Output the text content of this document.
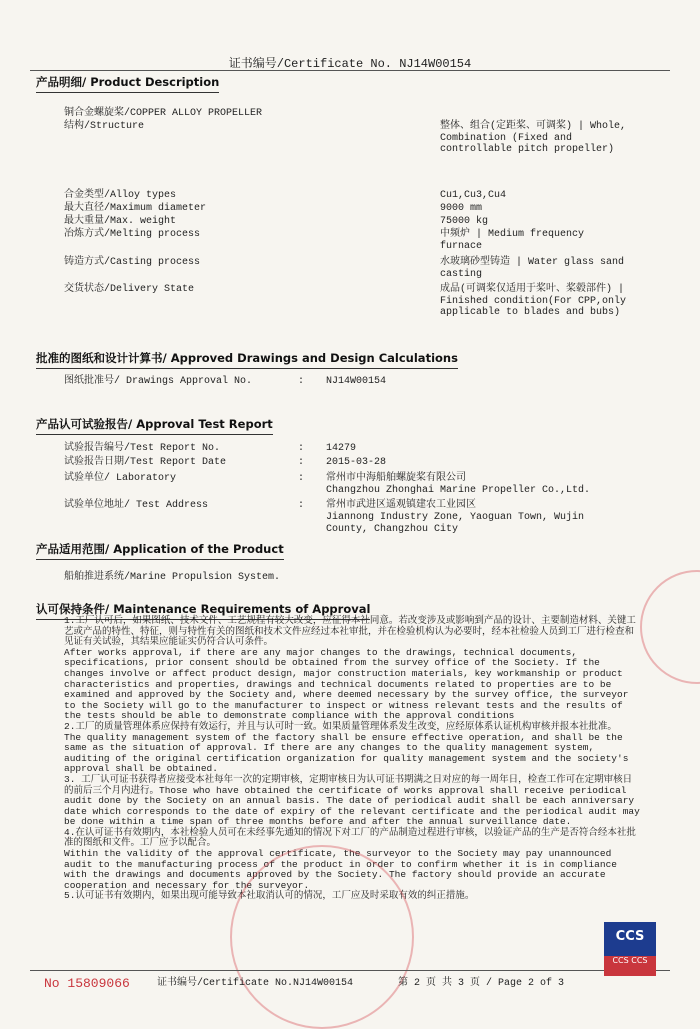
证书编号/Certificate No. NJ14W00154
产品明细/ Product Description
铜合金螺旋桨/COPPER ALLOY PROPELLER
结构/Structure	整体、组合(定距桨、可调桨) | Whole, Combination (Fixed and controllable pitch propeller)
合金类型/Alloy types	Cu1,Cu3,Cu4
最大直径/Maximum diameter	9000 mm
最大重量/Max. weight	75000 kg
冶炼方式/Melting process	中频炉 | Medium frequency furnace
铸造方式/Casting process	水玻璃砂型铸造 | Water glass sand casting
交货状态/Delivery State	成品(可调桨仅适用于桨叶、桨毂部件) | Finished condition(For CPP,only applicable to blades and bubs)
批准的图纸和设计计算书/ Approved Drawings and Design Calculations
图纸批准号/ Drawings Approval No.	: NJ14W00154
产品认可试验报告/ Approval Test Report
试验报告编号/Test Report No.	: 14279
试验报告日期/Test Report Date	: 2015-03-28
试验单位/ Laboratory	: 常州市中海船舶螺旋桨有限公司
Changzhou Zhonghai Marine Propeller Co.,Ltd.
试验单位地址/ Test Address	: 常州市武进区遥观镇建农工业园区
Jiannong Industry Zone, Yaoguan Town, Wujin County, Changzhou City
产品适用范围/ Application of the Product
船舶推进系统/Marine Propulsion System.
认可保持条件/ Maintenance Requirements of Approval

1.工厂认可后，如果图纸、技术文件、工艺规程有较大改变，应征得本社同意。若改变涉及或影响到产品的设计、主要制造材料、关键工艺或产品的特性、特征，则与特性有关的图纸和技术文件应经过本社审批，并在检验机构认为必要时，经本社检验人员到工厂进行检查和见证有关试验，其结果应能证实仍符合认可条件。

After works approval, if there are any major changes to the drawings, technical documents, specifications, prior consent should be obtained from the survey office of the Society. If the changes involve or affect product design, major construction materials, key workmanship or product characteristics and properties, drawings and technical documents related to properties are to be examined and approved by the Society and, where deemed necessary by the survey office, the surveyor to the Society will go to the manufacturer to inspect or witness relevant tests and the results of the tests should be able to demonstrate compliance with the approval conditions

2.工厂的质量管理体系应保持有效运行，并且与认可时一致。如果质量管理体系发生改变，应经原体系认证机构审核并报本社批准。

The quality management system of the factory shall be ensure effective operation, and shall be the same as the situation of approval. If there are any changes to the quality management system, auditing of the original certification organization for quality management system and the society's approval shall be obtained.

3. 工厂认可证书获得者应接受本社每年一次的定期审核，定期审核日为认可证书期满之日对应的每一周年日，检查工作可在定期审核日的前后三个月内进行。Those who have obtained the certificate of works approval shall receive periodical audit done by the Society on an annual basis. The date of periodical audit shall be each anniversary date which corresponds to the date of expiry of the relevant certificate and the periodical audit may be done within a time span of three months before and after the annual surveillance date.

4.在认可证书有效期内，本社检验人员可在未经事先通知的情况下对工厂的产品制造过程进行审核，以验证产品的生产是否符合经本社批准的图纸和文件。工厂应予以配合。

Within the validity of the approval certificate, the surveyor to the Society may pay unannounced audit to the manufacturing process of the product in order to confirm whether it is in compliance with the drawings and documents approved by the Society. The factory should provide an accurate cooperation and necessary for the surveyor.

5.认可证书有效期内，如果出现可能导致本社取消认可的情况，工厂应及时采取有效的纠正措施。

No 15809066	证书编号/Certificate No.NJ14W00154	第 2 页 共 3 页 / Page 2 of 3
CCS
CCS CCS
